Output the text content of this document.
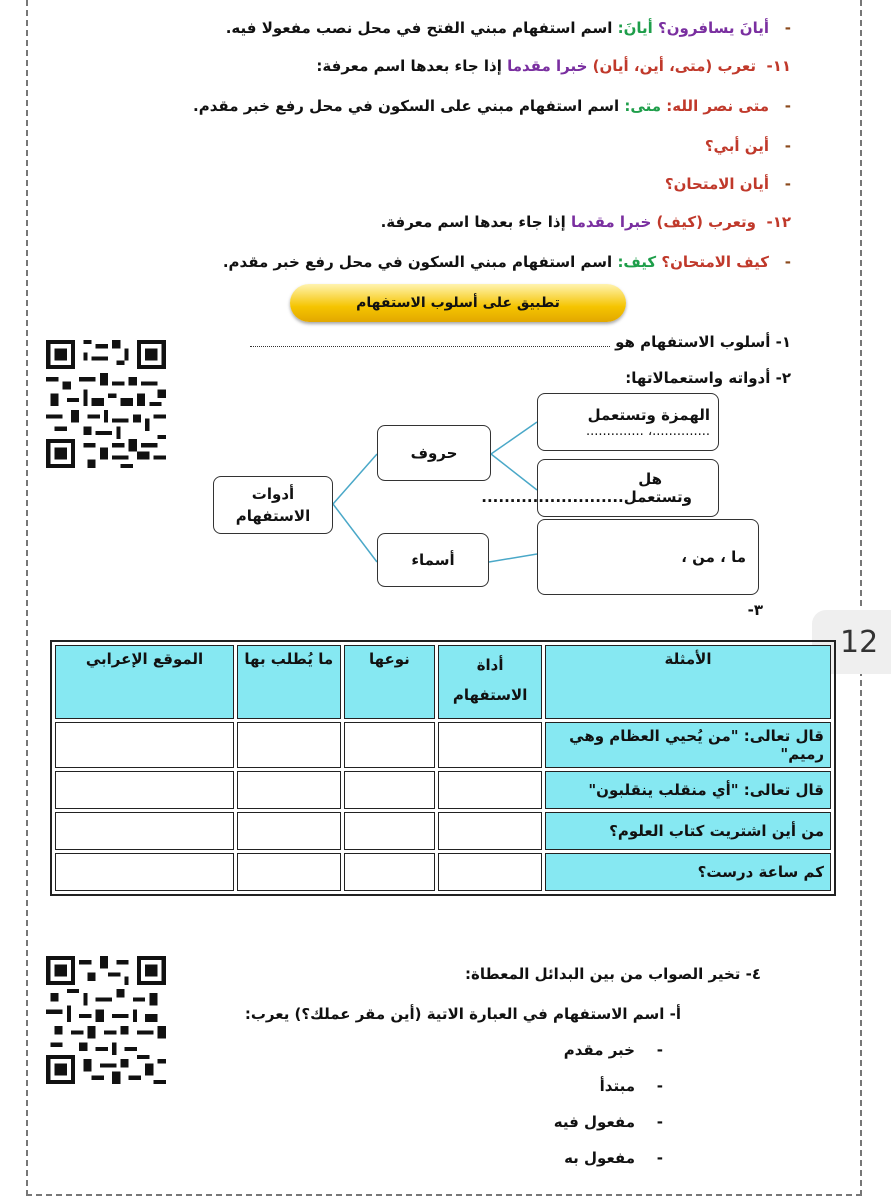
-أيانَ يسافرون؟ أيانَ: اسم استفهام مبني الفتح في محل نصب مفعولا فيه.
١١-  تعرب (متى، أين، أيان) خبرا مقدما إذا جاء بعدها اسم معرفة:
-متى نصر الله: متى: اسم استفهام مبني على السكون في محل رفع خبر مقدم.
-أين أبي؟
-أيان الامتحان؟
١٢-  وتعرب (كيف) خبرا مقدما إذا جاء بعدها اسم معرفة.
-كيف الامتحان؟ كيف: اسم استفهام مبني السكون في محل رفع خبر مقدم.
تطبيق على أسلوب الاستفهام
١- أسلوب الاستفهام هو
٢- أدواته واستعمالاتها:
أدوات الاستفهام
حروف
أسماء
الهمزة وتستعمل
..............، ..............
هل
وتستعمل.........................
ما ، من ،
٣-
12
الأمثلة	أداة الاستفهام	نوعها	ما يُطلب بها	الموقع الإعرابي
قال تعالى: "من يُحيي العظام وهي رميم"				
قال تعالى: "أي منقلب ينقلبون"				
من أين اشتريت كتاب العلوم؟				
كم ساعة درست؟				
٤- تخير الصواب من بين البدائل المعطاة:
أ- اسم الاستفهام في العبارة الاتية (أين مقر عملك؟) يعرب:
-خبر مقدم
-مبتدأ
-مفعول فيه
-مفعول به
